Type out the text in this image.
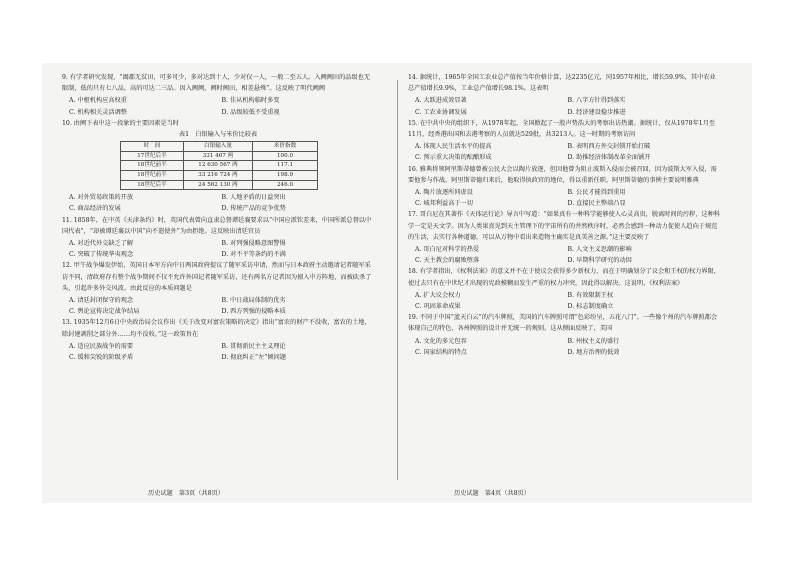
9. 有学者研究发现，“阖郡无贫田，可多可少，多对达到十人，少对仅一人，一般二至五人。入阙阙田的品级也无限制，低的只有七八品，高的可达二三品。因入阙阙，阙时阙田，相差悬殊”。这反映了明代阙阙

A. 中枢机构应高权重	B. 佳从机构临时多变
C. 机构相关灵活调整	D. 品级较低不受重视

10. 由阙下表中这一段象的主要因素是当时

表1　白银输入与米价比较表

时　间	白银输入量	米价指数
17世纪后半	331 467 两	100.0
18世纪前半	12 630 567 两	117.1
18世纪前半	33 216 724 两	198.9
18世纪后半	24 562 130 两	246.0
A. 对外贸易政策的开放	B. 人地矛盾的日益突出
C. 商品经济的发展	D. 传统产品的竞争优势

11. 1858年，在中英《天津条约》时，英国代表曾向直隶总督谭廷襄要求以“中国应派钦差来，中国所派总督以中国代表”，“却被谭廷襄以中国“向不遣使外”为由拒绝。这反映出清廷官员

A. 对近代外交缺乏了解	B. 对列强侵略意图警惕
C. 突破了传统华夷观念	D. 对不平等条约的不满

12. 甲午战争爆发伊始，英国日本军方向中日两国政府提议了随军采访申请，然而与日本政府主动邀请记者随军采访不同，清政府存有整个战争期间不仅不允许外国记者随军采访，还有两名方记者因为擅入中方阵地，而被砍杀了头，引起许多外交风波。由此反应的本质问题是

A. 清廷封闭保守的观念	B. 中日战局体制的优劣
C. 舆论宣传决定战争结局	D. 西方列强的侵略本质

13. 1935年12月6日中央政治局会议作出《关于改变对富农策略的决定》指出“富农的财产不没收，富农的土地，除封建剥削之部分外……均不没收。”这一政策旨在

A. 适应民族战争的需要	B. 贯彻新民主主义理论
C. 缓和尖锐的阶级矛盾	D. 彻底纠正“左”倾问题

14. 据统计，1965年全国工农业总产值按当年价格计算，达2235亿元，同1957年相比，增长59.9%，其中农业总产值增长9.9%，工业总产值增长98.1%。这表明

A. 大跃进成效显著	B. 八字方针得到落实
C. 工农业协调发展	D. 经济建设稳步推进

15. 在中共中央的组织下，从1978年起，全国掀起了一股声势浩大的考察出访热潮。据统计，仅从1978年1月至11月，经香港出国和去港考察的人员就达529批，共3213人。这一时期的考察访问

A. 体现人民生活水平的提高	B. 表明西方外交封锁开始打破
C. 预示重大决策的酝酿形成	D. 助推经济体制改革全面铺开

16. 雅典将领阿里斯蒂德曾被公民大会以陶片放逐，但因他曾为阻止波斯入侵而会被召回，因为波斯大军入侵，需要他参与作战。阿里斯蒂德归来后，他取得执政官的地位，得以重新任职。阿里斯蒂德的事例主要说明雅典

A. 陶片放逐所同虚设	B. 公民才能得到重用
C. 城邦利益高于一切	D. 直接民主弊端凸显

17. 哥白尼在其著作《天体运行论》导言中写道：“如果真有一种科学能够使人心灵高贵，脱离时间的污秽，这种科学一定是天文学。因为人类果真见到天主管理下的宇宙所有的井然秩序时，必然会感到一种动力促使人趋向于规范的生活，去实行各种道德，可以从万物中看出来造物主确实是真美善之源。”这主要反映了

A. 哥白尼对科学的热爱	B. 人文主义思潮的影响
C. 天主教会的腐败堕落	D. 早期科学研究的动因

18. 有学者指出，《权利法案》的意义并不在于使议会获得多少新权力，而在于明确划分了议会和王权的权力界限，使过去只有在中世纪才出现的宪政模糊而发生严重的权力冲突，因此得以解决。这说明，《权利法案》

A. 扩大议会权力	B. 有效限制王权
C. 巩固革命成果	D. 标志制度确立

19. 不同于中国“蓝天白云”的汽车牌照，美国的汽车牌照可谓“色彩纷呈，五花八门”。一些像个州的汽车牌照都会体现自己的特色，各州牌照的设计并无统一的规则。这从侧面反映了，美国

A. 文化的多元包容	B. 州权主义的盛行
C. 国家结构的特点	D. 地方治理的低效
历史试题　第3页（共8页）	历史试题　第4页（共8页）
